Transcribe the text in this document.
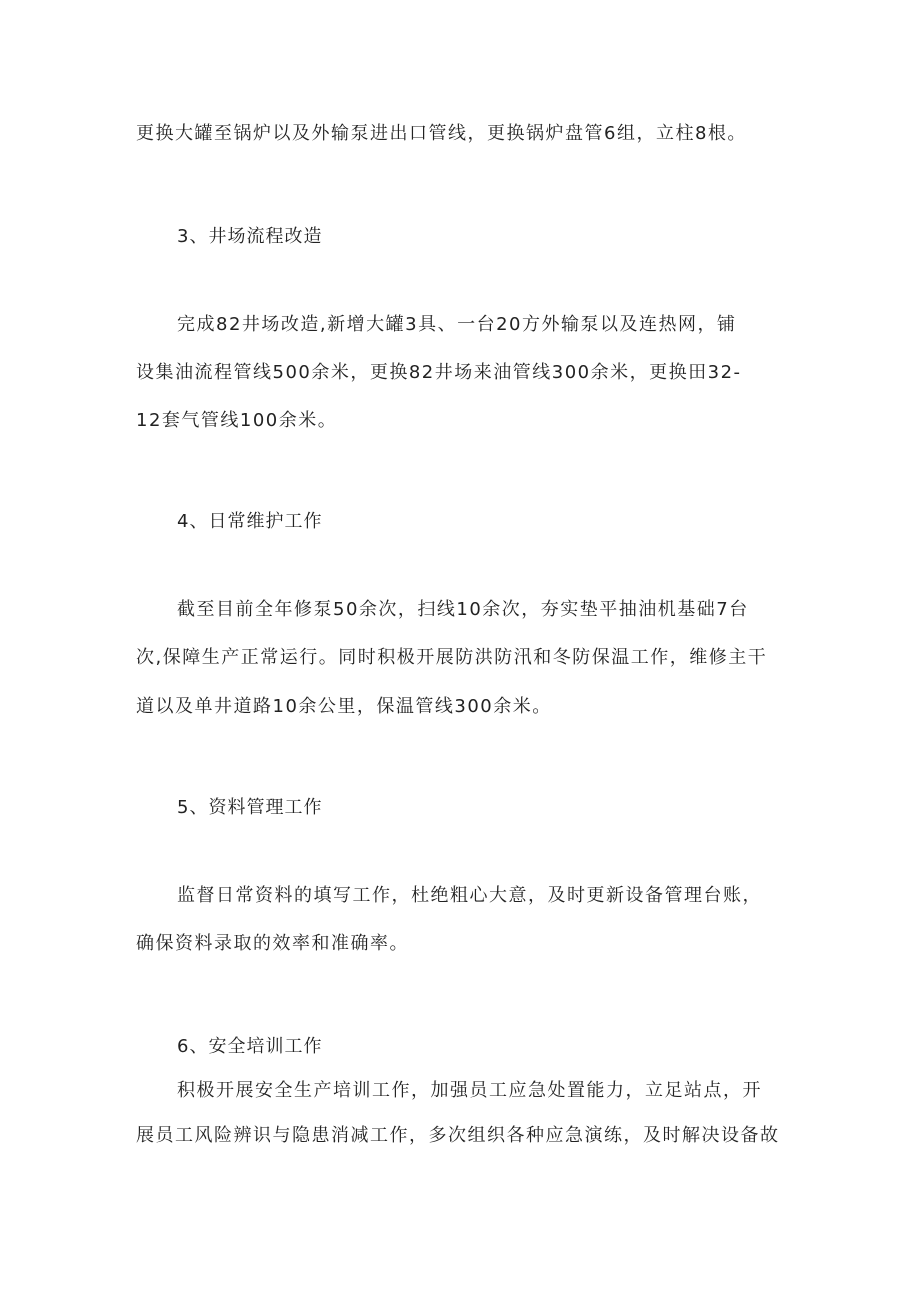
更换大罐至锅炉以及外输泵进出口管线，更换锅炉盘管6组，立柱8根。
3、井场流程改造
完成82井场改造,新增大罐3具、一台20方外输泵以及连热网，铺
设集油流程管线500余米，更换82井场来油管线300余米，更换田32-
12套气管线100余米。
4、日常维护工作
截至目前全年修泵50余次，扫线10余次，夯实垫平抽油机基础7台
次,保障生产正常运行。同时积极开展防洪防汛和冬防保温工作，维修主干
道以及单井道路10余公里，保温管线300余米。
5、资料管理工作
监督日常资料的填写工作，杜绝粗心大意，及时更新设备管理台账，
确保资料录取的效率和准确率。
6、安全培训工作
积极开展安全生产培训工作，加强员工应急处置能力，立足站点，开
展员工风险辨识与隐患消减工作，多次组织各种应急演练，及时解决设备故
